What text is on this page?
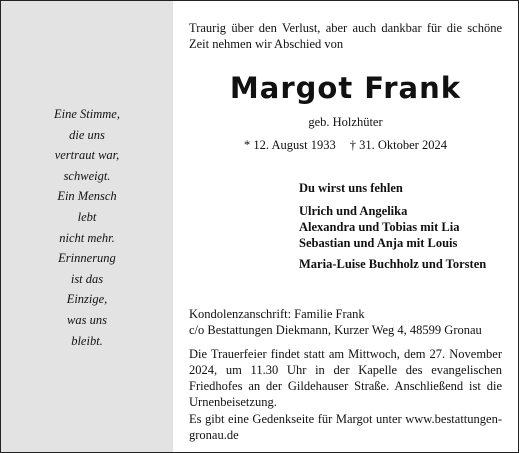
Eine Stimme,
die uns
vertraut war,
schweigt.
Ein Mensch
lebt
nicht mehr.
Erinnerung
ist das
Einzige,
was uns
bleibt.
Traurig über den Verlust, aber auch dankbar für die schöne Zeit nehmen wir Abschied von
Margot Frank
geb. Holzhüter
* 12. August 1933 † 31. Oktober 2024
Du wirst uns fehlen
Ulrich und Angelika
Alexandra und Tobias mit Lia
Sebastian und Anja mit Louis
Maria-Luise Buchholz und Torsten
Kondolenzanschrift: Familie Frank
c/o Bestattungen Diekmann, Kurzer Weg 4, 48599 Gronau
Die Trauerfeier findet statt am Mittwoch, dem 27. November 2024, um 11.30 Uhr in der Kapelle des evangelischen Friedhofes an der Gildehauser Straße. Anschließend ist die Urnenbeisetzung.
Es gibt eine Gedenkseite für Margot unter www.bestattungen-gronau.de
